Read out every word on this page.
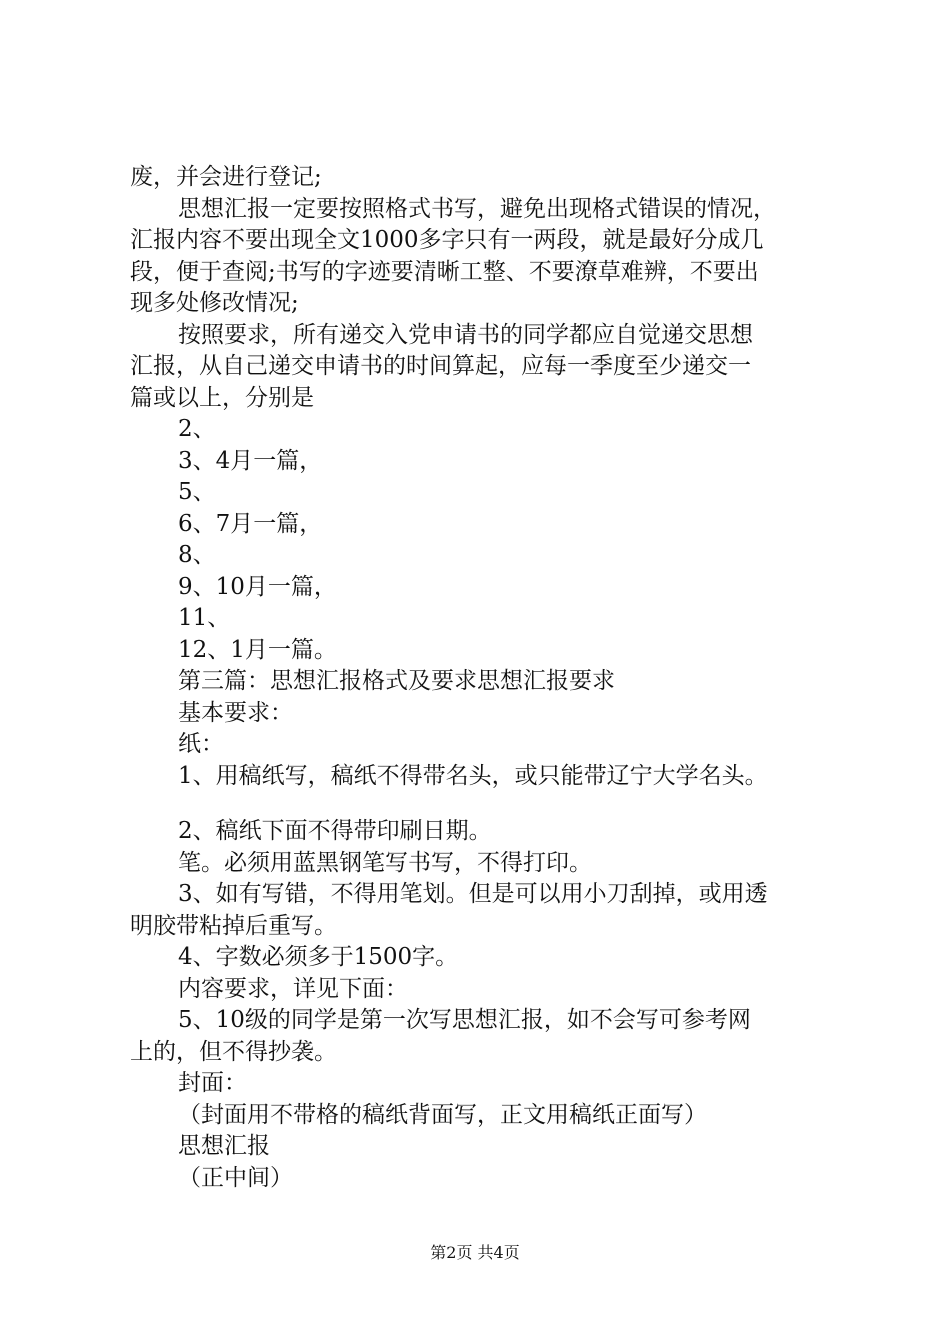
废，并会进行登记;
思想汇报一定要按照格式书写，避免出现格式错误的情况，
汇报内容不要出现全文1000多字只有一两段，就是最好分成几
段，便于查阅;书写的字迹要清晰工整、不要潦草难辨，不要出
现多处修改情况;
按照要求，所有递交入党申请书的同学都应自觉递交思想
汇报，从自己递交申请书的时间算起，应每一季度至少递交一
篇或以上，分别是
2、
3、4月一篇，
5、
6、7月一篇，
8、
9、10月一篇，
11、
12、1月一篇。
第三篇：思想汇报格式及要求思想汇报要求
基本要求：
纸：
1、用稿纸写，稿纸不得带名头，或只能带辽宁大学名头。
2、稿纸下面不得带印刷日期。
笔。必须用蓝黑钢笔写书写，不得打印。
3、如有写错，不得用笔划。但是可以用小刀刮掉，或用透
明胶带粘掉后重写。
4、字数必须多于1500字。
内容要求，详见下面：
5、10级的同学是第一次写思想汇报，如不会写可参考网
上的，但不得抄袭。
封面：
（封面用不带格的稿纸背面写，正文用稿纸正面写）
思想汇报
（正中间）
第2页 共4页
